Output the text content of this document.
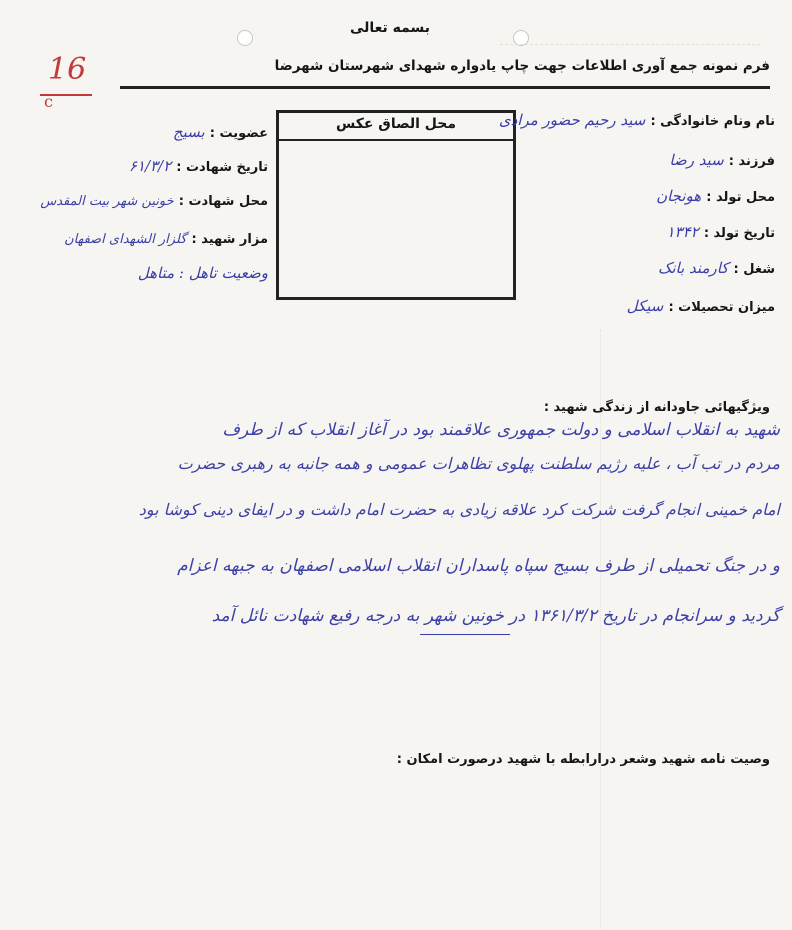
بسمه تعالی
فرم نمونه جمع آوری اطلاعات جهت چاپ یادواره شهدای شهرستان شهرضا
16
c
محل الصاق عکس	نام ونام خانوادگی : سید رحیم حضور مرادی
فرزند : سید رضا
محل تولد : هونجان
تاریخ تولد : ۱۳۴۲
شغل : کارمند بانک
میزان تحصیلات : سیکل
عضویت : بسیج
تاریخ شهادت : ۶۱/۳/۲
محل شهادت : خونین شهر بیت المقدس
مزار شهید : گلزار الشهدای اصفهان
وضعیت تاهل : متاهل
ویژگیهائی جاودانه از زندگی شهید :
شهید به انقلاب اسلامی و دولت جمهوری علاقمند بود در آغاز انقلاب که از طرف
مردم در تب آب ، علیه رژیم سلطنت پهلوی تظاهرات عمومی و همه جانبه به رهبری حضرت
امام خمینی انجام گرفت شرکت کرد علاقه زیادی به حضرت امام داشت و در ایفای دینی کوشا بود
و در جنگ تحمیلی از طرف بسیج سپاه پاسداران انقلاب اسلامی اصفهان به جبهه اعزام
گردید و سرانجام در تاریخ ۱۳۶۱/۳/۲ در خونین شهر به درجه رفیع شهادت نائل آمد
وصیت نامه شهید وشعر درارابطه با شهید درصورت امکان :
